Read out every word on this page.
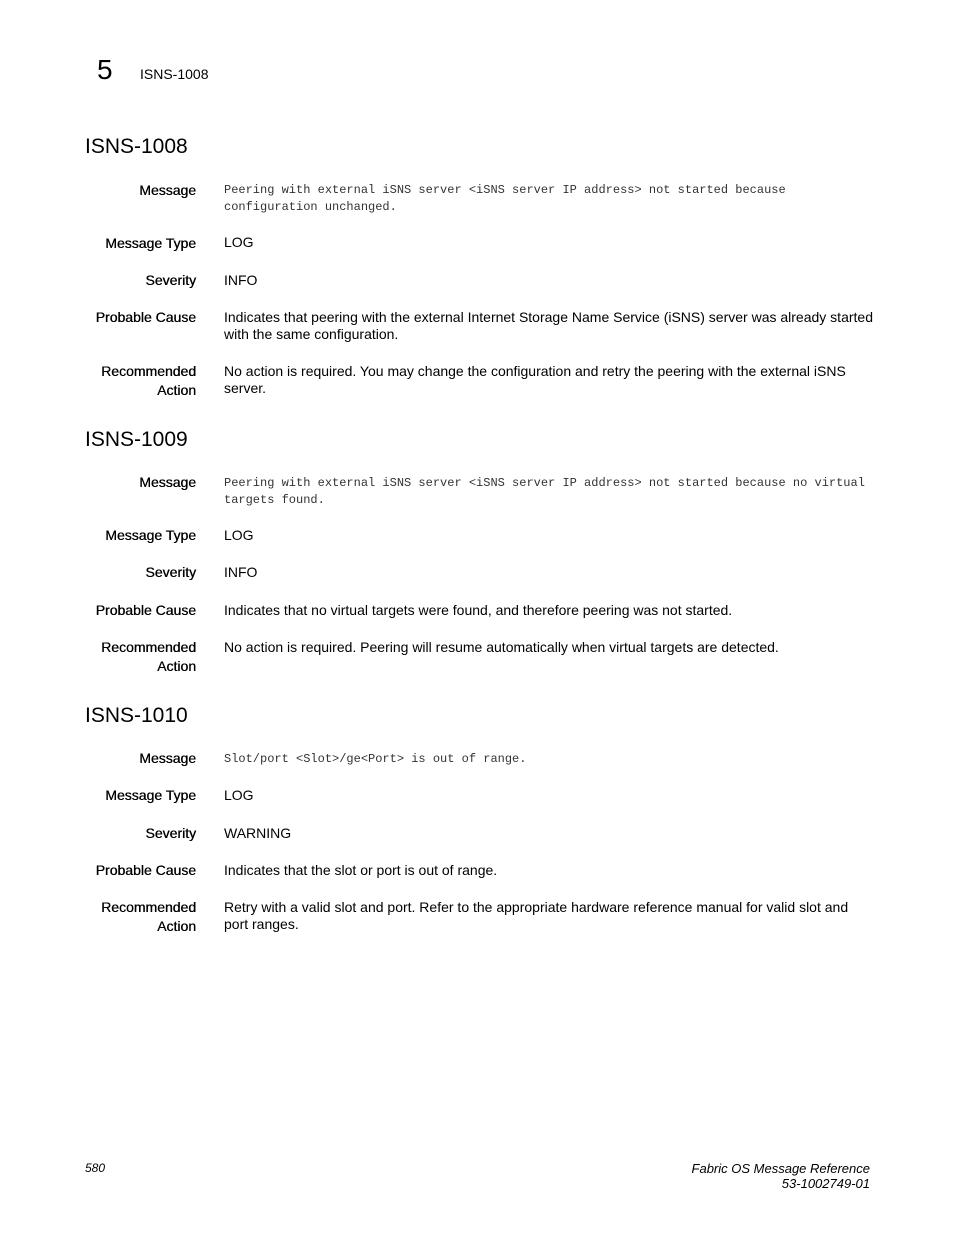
5 ISNS-1008
ISNS-1008
Message Peering with external iSNS server <iSNS server IP address> not started because configuration unchanged.
Message Type LOG
Severity INFO
Probable Cause Indicates that peering with the external Internet Storage Name Service (iSNS) server was already started with the same configuration.
Recommended
Action
No action is required. You may change the configuration and retry the peering with the external iSNS server.
ISNS-1009
Message Peering with external iSNS server <iSNS server IP address> not started because no virtual targets found.
Message Type LOG
Severity INFO
Probable Cause Indicates that no virtual targets were found, and therefore peering was not started.
Recommended
Action
No action is required. Peering will resume automatically when virtual targets are detected.
ISNS-1010
Message Slot/port <Slot>/ge<Port> is out of range.
Message Type LOG
Severity WARNING
Probable Cause Indicates that the slot or port is out of range.
Recommended
Action
Retry with a valid slot and port. Refer to the appropriate hardware reference manual for valid slot and port ranges.
580	Fabric OS Message Reference
53-1002749-01
